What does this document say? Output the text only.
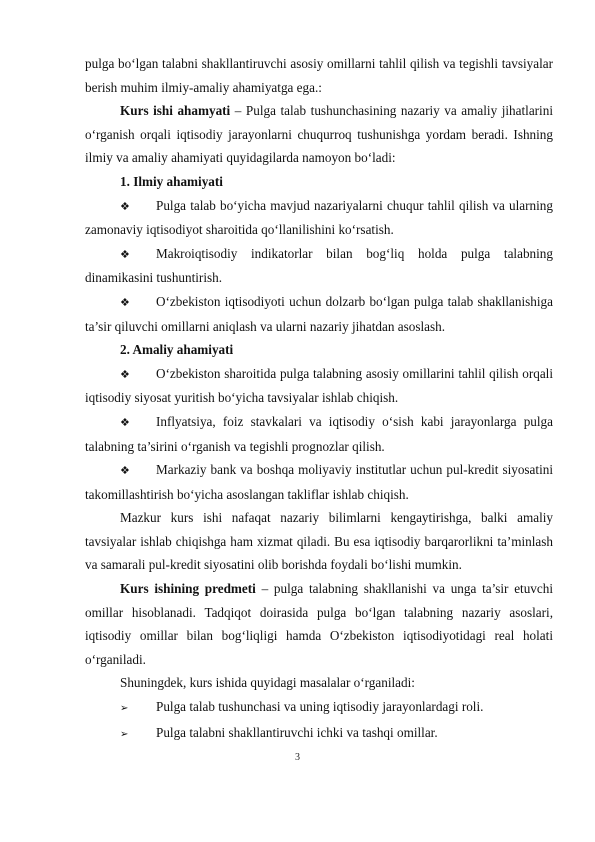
pulga bo‘lgan talabni shakllantiruvchi asosiy omillarni tahlil qilish va tegishli tavsiyalar berish muhim ilmiy-amaliy ahamiyatga ega.:

Kurs ishi ahamyati – Pulga talab tushunchasining nazariy va amaliy jihatlarini o‘rganish orqali iqtisodiy jarayonlarni chuqurroq tushunishga yordam beradi. Ishning ilmiy va amaliy ahamiyati quyidagilarda namoyon bo‘ladi:

1. Ilmiy ahamiyati

❖ Pulga talab bo‘yicha mavjud nazariyalarni chuqur tahlil qilish va ularning zamonaviy iqtisodiyot sharoitida qo‘llanilishini ko‘rsatish.

❖ Makroiqtisodiy indikatorlar bilan bog‘liq holda pulga talabning dinamikasini tushuntirish.

❖ O‘zbekiston iqtisodiyoti uchun dolzarb bo‘lgan pulga talab shakllanishiga ta’sir qiluvchi omillarni aniqlash va ularni nazariy jihatdan asoslash.

2. Amaliy ahamiyati

❖ O‘zbekiston sharoitida pulga talabning asosiy omillarini tahlil qilish orqali iqtisodiy siyosat yuritish bo‘yicha tavsiyalar ishlab chiqish.

❖ Inflyatsiya, foiz stavkalari va iqtisodiy o‘sish kabi jarayonlarga pulga talabning ta’sirini o‘rganish va tegishli prognozlar qilish.

❖ Markaziy bank va boshqa moliyaviy institutlar uchun pul-kredit siyosatini takomillashtirish bo‘yicha asoslangan takliflar ishlab chiqish.

Mazkur kurs ishi nafaqat nazariy bilimlarni kengaytirishga, balki amaliy tavsiyalar ishlab chiqishga ham xizmat qiladi. Bu esa iqtisodiy barqarorlikni ta’minlash va samarali pul-kredit siyosatini olib borishda foydali bo‘lishi mumkin.

Kurs ishining predmeti – pulga talabning shakllanishi va unga ta’sir etuvchi omillar hisoblanadi. Tadqiqot doirasida pulga bo‘lgan talabning nazariy asoslari, iqtisodiy omillar bilan bog‘liqligi hamda O‘zbekiston iqtisodiyotidagi real holati o‘rganiladi.

Shuningdek, kurs ishida quyidagi masalalar o‘rganiladi:

➢ Pulga talab tushunchasi va uning iqtisodiy jarayonlardagi roli.

➢ Pulga talabni shakllantiruvchi ichki va tashqi omillar.

3
